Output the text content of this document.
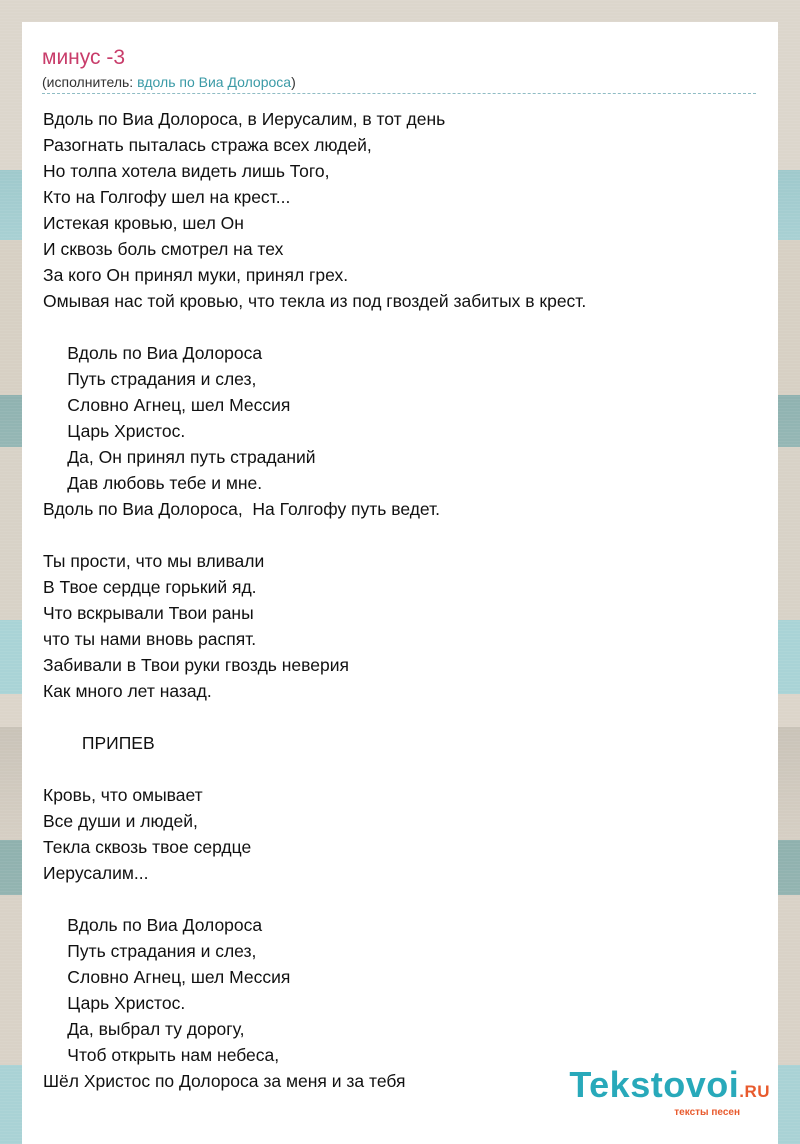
минус -3
(исполнитель: вдоль по Виа Долороса)
Вдоль по Виа Долороса, в Иерусалим, в тот день
Разогнать пыталась стража всех людей,
Но толпа хотела видеть лишь Того,
Кто на Голгофу шел на крест...
Истекая кровью, шел Он
И сквозь боль смотрел на тех
За кого Он принял муки, принял грех.
Омывая нас той кровью, что текла из под гвоздей забитых в крест.

Вдоль по Виа Долороса
Путь страдания и слез,
Словно Агнец, шел Мессия
Царь Христос.
Да, Он принял путь страданий
Дав любовь тебе и мне.
Вдоль по Виа Долороса,  На Голгофу путь ведет.

Ты прости, что мы вливали
В Твое сердце горький яд.
Что вскрывали Твои раны
что ты нами вновь распят.
Забивали в Твои руки гвоздь неверия
Как много лет назад.

ПРИПЕВ

Кровь, что омывает
Все души и людей,
Текла сквозь твое сердце
Иерусалим...

Вдоль по Виа Долороса
Путь страдания и слез,
Словно Агнец, шел Мессия
Царь Христос.
Да, выбрал ту дорогу,
Чтоб открыть нам небеса,
Шёл Христос по Долороса за меня и за тебя	Tekstovoi.RU
тексты песен
